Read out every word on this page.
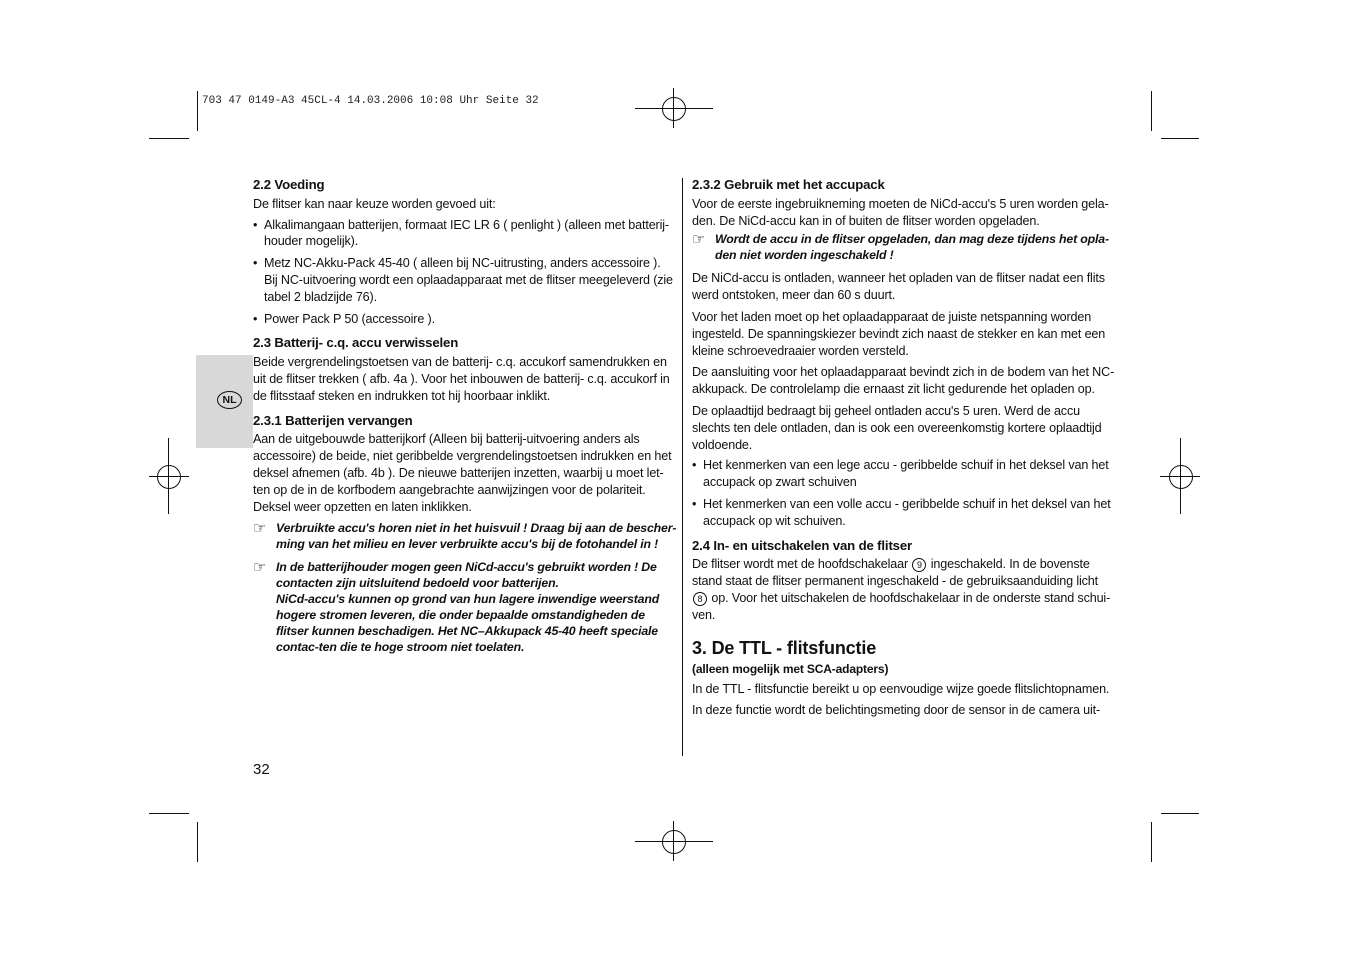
703 47 0149-A3 45CL-4 14.03.2006 10:08 Uhr Seite 32
NL

2.2 Voeding

De flitser kan naar keuze worden gevoed uit:

• Alkalimangaan batterijen, formaat IEC LR 6 ( penlight ) (alleen met batterij-houder mogelijk).
• Metz NC-Akku-Pack 45-40 ( alleen bij NC-uitrusting, anders accessoire ). Bij NC-uitvoering wordt een oplaadapparaat met de flitser meegeleverd (zie tabel 2 bladzijde 76).
• Power Pack P 50 (accessoire ).

2.3 Batterij- c.q. accu verwisselen

Beide vergrendelingstoetsen van de batterij- c.q. accukorf samendrukken en uit de flitser trekken ( afb. 4a ). Voor het inbouwen de batterij- c.q. accukorf in de flitsstaaf steken en indrukken tot hij hoorbaar inklikt.

2.3.1 Batterijen vervangen

Aan de uitgebouwde batterijkorf (Alleen bij batterij-uitvoering anders als accessoire) de beide, niet geribbelde vergrendelingstoetsen indrukken en het deksel afnemen (afb. 4b ). De nieuwe batterijen inzetten, waarbij u moet let-ten op de in de korfbodem aangebrachte aanwijzingen voor de polariteit. Deksel weer opzetten en laten inklikken.

☞ Verbruikte accu's horen niet in het huisvuil ! Draag bij aan de bescher-ming van het milieu en lever verbruikte accu's bij de fotohandel in !
☞ In de batterijhouder mogen geen NiCd-accu's gebruikt worden ! De contacten zijn uitsluitend bedoeld voor batterijen.
NiCd-accu's kunnen op grond van hun lagere inwendige weerstand hogere stromen leveren, die onder bepaalde omstandigheden de flitser kunnen beschadigen. Het NC–Akkupack 45-40 heeft speciale contac-ten die te hoge stroom niet toelaten.

2.3.2 Gebruik met het accupack

Voor de eerste ingebruikneming moeten de NiCd-accu's 5 uren worden gela-den. De NiCd-accu kan in of buiten de flitser worden opgeladen.

☞ Wordt de accu in de flitser opgeladen, dan mag deze tijdens het opla-den niet worden ingeschakeld !

De NiCd-accu is ontladen, wanneer het opladen van de flitser nadat een flits werd ontstoken, meer dan 60 s duurt.

Voor het laden moet op het oplaadapparaat de juiste netspanning worden ingesteld. De spanningskiezer bevindt zich naast de stekker en kan met een kleine schroevedraaier worden versteld.

De aansluiting voor het oplaadapparaat bevindt zich in de bodem van het NC-akkupack. De controlelamp die ernaast zit licht gedurende het opladen op.

De oplaadtijd bedraagt bij geheel ontladen accu's 5 uren. Werd de accu slechts ten dele ontladen, dan is ook een overeenkomstig kortere oplaadtijd voldoende.

• Het kenmerken van een lege accu - geribbelde schuif in het deksel van het accupack op zwart schuiven
• Het kenmerken van een volle accu - geribbelde schuif in het deksel van het accupack op wit schuiven.

2.4 In- en uitschakelen van de flitser

De flitser wordt met de hoofdschakelaar 9 ingeschakeld. In de bovenste stand staat de flitser permanent ingeschakeld - de gebruiksaanduiding licht 8 op. Voor het uitschakelen de hoofdschakelaar in de onderste stand schui-ven.

3. De TTL - flitsfunctie

(alleen mogelijk met SCA-adapters)

In de TTL - flitsfunctie bereikt u op eenvoudige wijze goede flitslichtopnamen.

In deze functie wordt de belichtingsmeting door de sensor in de camera uit-

32
